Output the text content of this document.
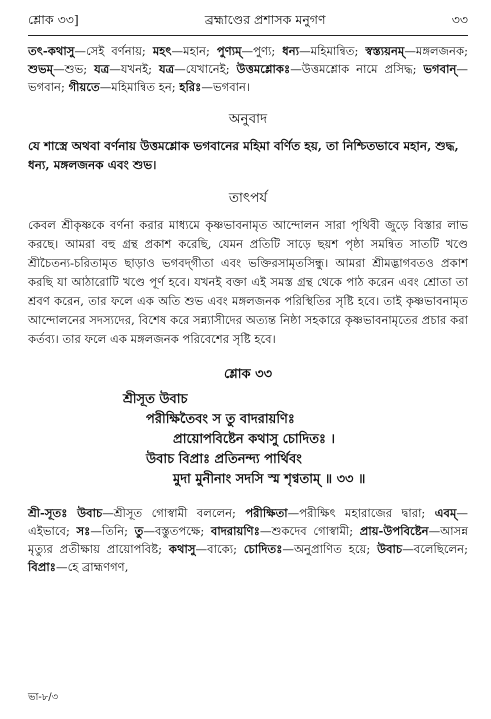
শ্লোক ৩৩]	ব্রহ্মাণ্ডের প্রশাসক মনুগণ	৩৩

তৎ-কথাসু—সেই বর্ণনায়; মহৎ—মহান; পুণ্যম্—পুণ্য; ধন্য—মহিমান্বিত; স্বস্ত্যয়নম্—মঙ্গলজনক; শুভম্—শুভ; যত্র—যখনই; যত্র—যেখানেই; উত্তমশ্লোকঃ—উত্তমশ্লোক নামে প্রসিদ্ধ; ভগবান্—ভগবান; গীয়তে—মহিমান্বিত হন; হরিঃ—ভগবান।

অনুবাদ

যে শাস্ত্রে অথবা বর্ণনায় উত্তমশ্লোক ভগবানের মহিমা বর্ণিত হয়, তা নিশ্চিতভাবে মহান, শুদ্ধ, ধন্য, মঙ্গলজনক এবং শুভ।

তাৎপর্য

কেবল শ্রীকৃষ্ণকে বর্ণনা করার মাধ্যমে কৃষ্ণভাবনামৃত আন্দোলন সারা পৃথিবী জুড়ে বিস্তার লাভ করছে। আমরা বহু গ্রন্থ প্রকাশ করেছি, যেমন প্রতিটি সাড়ে ছয়শ পৃষ্ঠা সমন্বিত সাতটি খণ্ডে শ্রীচৈতন্য-চরিতামৃত ছাড়াও ভগবদ্‌গীতা এবং ভক্তিরসামৃতসিন্ধু। আমরা শ্রীমদ্ভাগবতও প্রকাশ করছি যা আঠারোটি খণ্ডে পূর্ণ হবে। যখনই বক্তা এই সমস্ত গ্রন্থ থেকে পাঠ করেন এবং শ্রোতা তা শ্রবণ করেন, তার ফলে এক অতি শুভ এবং মঙ্গলজনক পরিস্থিতির সৃষ্টি হবে। তাই কৃষ্ণভাবনামৃত আন্দোলনের সদস্যদের, বিশেষ করে সন্ন্যাসীদের অত্যন্ত নিষ্ঠা সহকারে কৃষ্ণভাবনামৃতের প্রচার করা কর্তব্য। তার ফলে এক মঙ্গলজনক পরিবেশের সৃষ্টি হবে।

শ্লোক ৩৩

শ্রীসূত উবাচ

পরীক্ষিতৈবং স তু বাদরায়ণিঃ

প্রায়োপবিষ্টেন কথাসু চোদিতঃ ।

উবাচ বিপ্রাঃ প্রতিনন্দ্য পার্থিবং

মুদা মুনীনাং সদসি স্ম শৃণ্বতাম্ ॥ ৩৩ ॥

শ্রী-সূতঃ উবাচ—শ্রীসূত গোস্বামী বললেন; পরীক্ষিতা—পরীক্ষিৎ মহারাজের দ্বারা; এবম্—এইভাবে; সঃ—তিনি; তু—বস্তুতপক্ষে; বাদরায়ণিঃ—শুকদেব গোস্বামী; প্রায়-উপবিষ্টেন—আসন্ন মৃত্যুর প্রতীক্ষায় প্রায়োপবিষ্ট; কথাসু—বাক্যে; চোদিতঃ—অনুপ্রাণিত হয়ে; উবাচ—বলেছিলেন; বিপ্রাঃ—হে ব্রাহ্মণগণ,

ভা-৮/৩
